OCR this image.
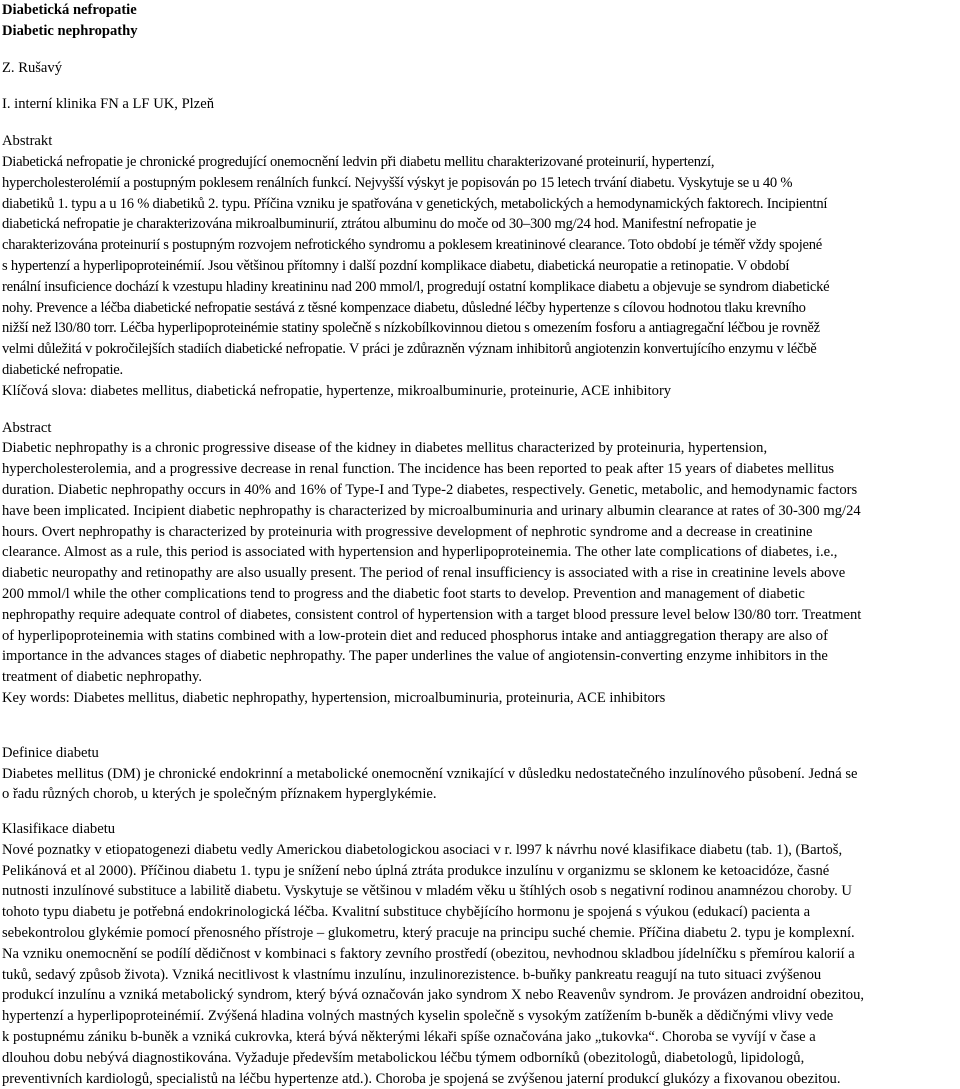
Diabetická nefropatie
Diabetic nephropathy
Z. Rušavý
I. interní klinika FN a LF UK, Plzeň
Abstrakt
Diabetická nefropatie je chronické progredující onemocnění ledvin při diabetu mellitu charakterizované proteinurií, hypertenzí,
hypercholesterolémií a postupným poklesem renálních funkcí. Nejvyšší výskyt je popisován po 15 letech trvání diabetu. Vyskytuje se u 40 %
diabetiků 1. typu a u 16 % diabetiků 2. typu. Příčina vzniku je spatřována v genetických, metabolických a hemodynamických faktorech. Incipientní
diabetická nefropatie je charakterizována mikroalbuminurií, ztrátou albuminu do moče od 30–300 mg/24 hod. Manifestní nefropatie je
charakterizována proteinurií s postupným rozvojem nefrotického syndromu a poklesem kreatininové clearance. Toto období je téměř vždy spojené
s hypertenzí a hyperlipoproteinémií. Jsou většinou přítomny i další pozdní komplikace diabetu, diabetická neuropatie a retinopatie. V období
renální insuficience dochází k vzestupu hladiny kreatininu nad 200 mmol/l, progredují ostatní komplikace diabetu a objevuje se syndrom diabetické
nohy. Prevence a léčba diabetické nefropatie sestává z těsné kompenzace diabetu, důsledné léčby hypertenze s cílovou hodnotou tlaku krevního
nižší než l30/80 torr. Léčba hyperlipoproteinémie statiny společně s nízkobílkovinnou dietou s omezením fosforu a antiagregační léčbou je rovněž
velmi důležitá v pokročilejších stadiích diabetické nefropatie. V práci je zdůrazněn význam inhibitorů angiotenzin konvertujícího enzymu v léčbě
diabetické nefropatie.
Klíčová slova: diabetes mellitus, diabetická nefropatie, hypertenze, mikroalbuminurie, proteinurie, ACE inhibitory
Abstract
Diabetic nephropathy is a chronic progressive disease of the kidney in diabetes mellitus characterized by proteinuria, hypertension,
hypercholesterolemia, and a progressive decrease in renal function. The incidence has been reported to peak after 15 years of diabetes mellitus
duration. Diabetic nephropathy occurs in 40% and 16% of Type-I and Type-2 diabetes, respectively. Genetic, metabolic, and hemodynamic factors
have been implicated. Incipient diabetic nephropathy is characterized by microalbuminuria and urinary albumin clearance at rates of 30-300 mg/24
hours. Overt nephropathy is characterized by proteinuria with progressive development of nephrotic syndrome and a decrease in creatinine
clearance. Almost as a rule, this period is associated with hypertension and hyperlipoproteinemia. The other late complications of diabetes, i.e.,
diabetic neuropathy and retinopathy are also usually present. The period of renal insufficiency is associated with a rise in creatinine levels above
200 mmol/l while the other complications tend to progress and the diabetic foot starts to develop. Prevention and management of diabetic
nephropathy require adequate control of diabetes, consistent control of hypertension with a target blood pressure level below l30/80 torr. Treatment
of hyperlipoproteinemia with statins combined with a low-protein diet and reduced phosphorus intake and antiaggregation therapy are also of
importance in the advances stages of diabetic nephropathy. The paper underlines the value of angiotensin-converting enzyme inhibitors in the
treatment of diabetic nephropathy.
Key words: Diabetes mellitus, diabetic nephropathy, hypertension, microalbuminuria, proteinuria, ACE inhibitors
Definice diabetu
Diabetes mellitus (DM) je chronické endokrinní a metabolické onemocnění vznikající v důsledku nedostatečného inzulínového působení. Jedná se
o řadu různých chorob, u kterých je společným příznakem hyperglykémie.
Klasifikace diabetu
Nové poznatky v etiopatogenezi diabetu vedly Americkou diabetologickou asociaci v r. l997 k návrhu nové klasifikace diabetu (tab. 1), (Bartoš,
Pelikánová et al 2000). Příčinou diabetu 1. typu je snížení nebo úplná ztráta produkce inzulínu v organizmu se sklonem ke ketoacidóze, časné
nutnosti inzulínové substituce a labilitě diabetu. Vyskytuje se většinou v mladém věku u štíhlých osob s negativní rodinou anamnézou choroby. U
tohoto typu diabetu je potřebná endokrinologická léčba. Kvalitní substituce chybějícího hormonu je spojená s výukou (edukací) pacienta a
sebekontrolou glykémie pomocí přenosného přístroje – glukometru, který pracuje na principu suché chemie. Příčina diabetu 2. typu je komplexní.
Na vzniku onemocnění se podílí dědičnost v kombinaci s faktory zevního prostředí (obezitou, nevhodnou skladbou jídelníčku s přemírou kalorií a
tuků, sedavý způsob života). Vzniká necitlivost k vlastnímu inzulínu, inzulinorezistence. b-buňky pankreatu reagují na tuto situaci zvýšenou
produkcí inzulínu a vzniká metabolický syndrom, který bývá označován jako syndrom X nebo Reavenův syndrom. Je provázen androidní obezitou,
hypertenzí a hyperlipoproteinémií. Zvýšená hladina volných mastných kyselin společně s vysokým zatížením b-buněk a dědičnými vlivy vede
k postupnému zániku b-buněk a vzniká cukrovka, která bývá některými lékaři spíše označována jako „tukovka“. Choroba se vyvíjí v čase a
dlouhou dobu nebývá diagnostikována. Vyžaduje především metabolickou léčbu týmem odborníků (obezitologů, diabetologů, lipidologů,
preventivních kardiologů, specialistů na léčbu hypertenze atd.). Choroba je spojená se zvýšenou jaterní produkcí glukózy a fixovanou obezitou.
